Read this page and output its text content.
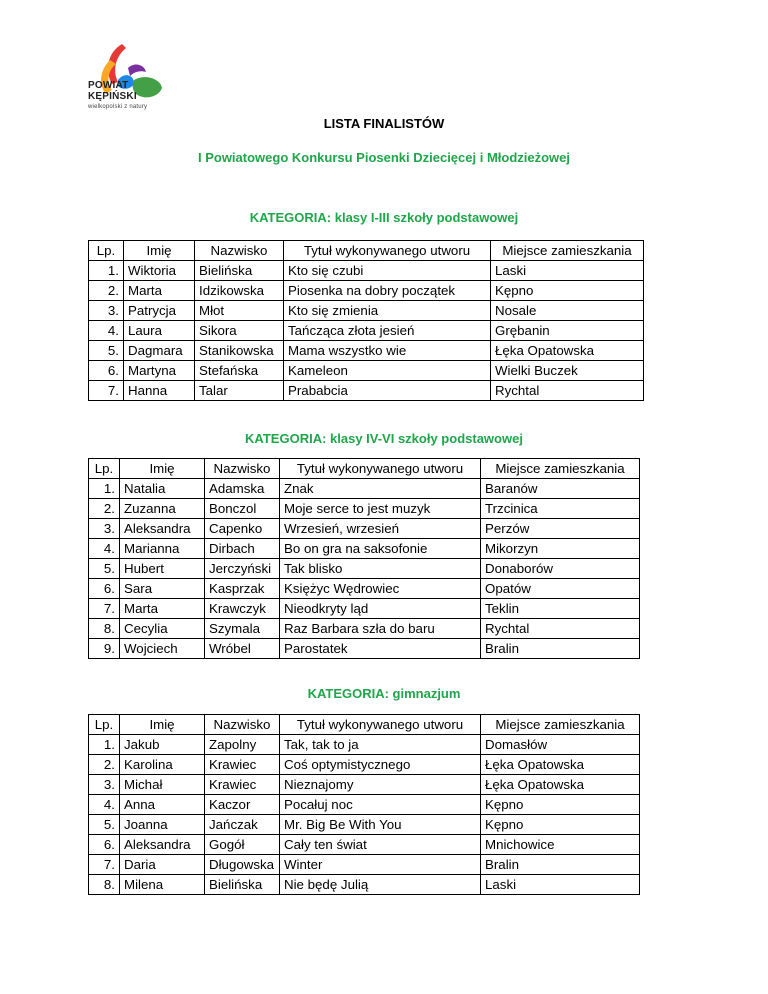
POWIAT
KĘPIŃSKI
wielkopolski z natury
LISTA FINALISTÓW
I Powiatowego Konkursu Piosenki Dziecięcej i Młodzieżowej
KATEGORIA: klasy I-III szkoły podstawowej
Lp.	Imię	Nazwisko	Tytuł wykonywanego utworu	Miejsce zamieszkania
1.	Wiktoria	Bielińska	Kto się czubi	Laski
2.	Marta	Idzikowska	Piosenka na dobry początek	Kępno
3.	Patrycja	Młot	Kto się zmienia	Nosale
4.	Laura	Sikora	Tańcząca złota jesień	Grębanin
5.	Dagmara	Stanikowska	Mama wszystko wie	Łęka Opatowska
6.	Martyna	Stefańska	Kameleon	Wielki Buczek
7.	Hanna	Talar	Prababcia	Rychtal
KATEGORIA: klasy IV-VI szkoły podstawowej
Lp.	Imię	Nazwisko	Tytuł wykonywanego utworu	Miejsce zamieszkania
1.	Natalia	Adamska	Znak	Baranów
2.	Zuzanna	Bonczol	Moje serce to jest muzyk	Trzcinica
3.	Aleksandra	Capenko	Wrzesień, wrzesień	Perzów
4.	Marianna	Dirbach	Bo on gra na saksofonie	Mikorzyn
5.	Hubert	Jerczyński	Tak blisko	Donaborów
6.	Sara	Kasprzak	Księżyc Wędrowiec	Opatów
7.	Marta	Krawczyk	Nieodkryty ląd	Teklin
8.	Cecylia	Szymala	Raz Barbara szła do baru	Rychtal
9.	Wojciech	Wróbel	Parostatek	Bralin
KATEGORIA: gimnazjum
Lp.	Imię	Nazwisko	Tytuł wykonywanego utworu	Miejsce zamieszkania
1.	Jakub	Zapolny	Tak, tak to ja	Domasłów
2.	Karolina	Krawiec	Coś optymistycznego	Łęka Opatowska
3.	Michał	Krawiec	Nieznajomy	Łęka Opatowska
4.	Anna	Kaczor	Pocałuj noc	Kępno
5.	Joanna	Jańczak	Mr. Big Be With You	Kępno
6.	Aleksandra	Gogół	Cały ten świat	Mnichowice
7.	Daria	Długowska	Winter	Bralin
8.	Milena	Bielińska	Nie będę Julią	Laski
